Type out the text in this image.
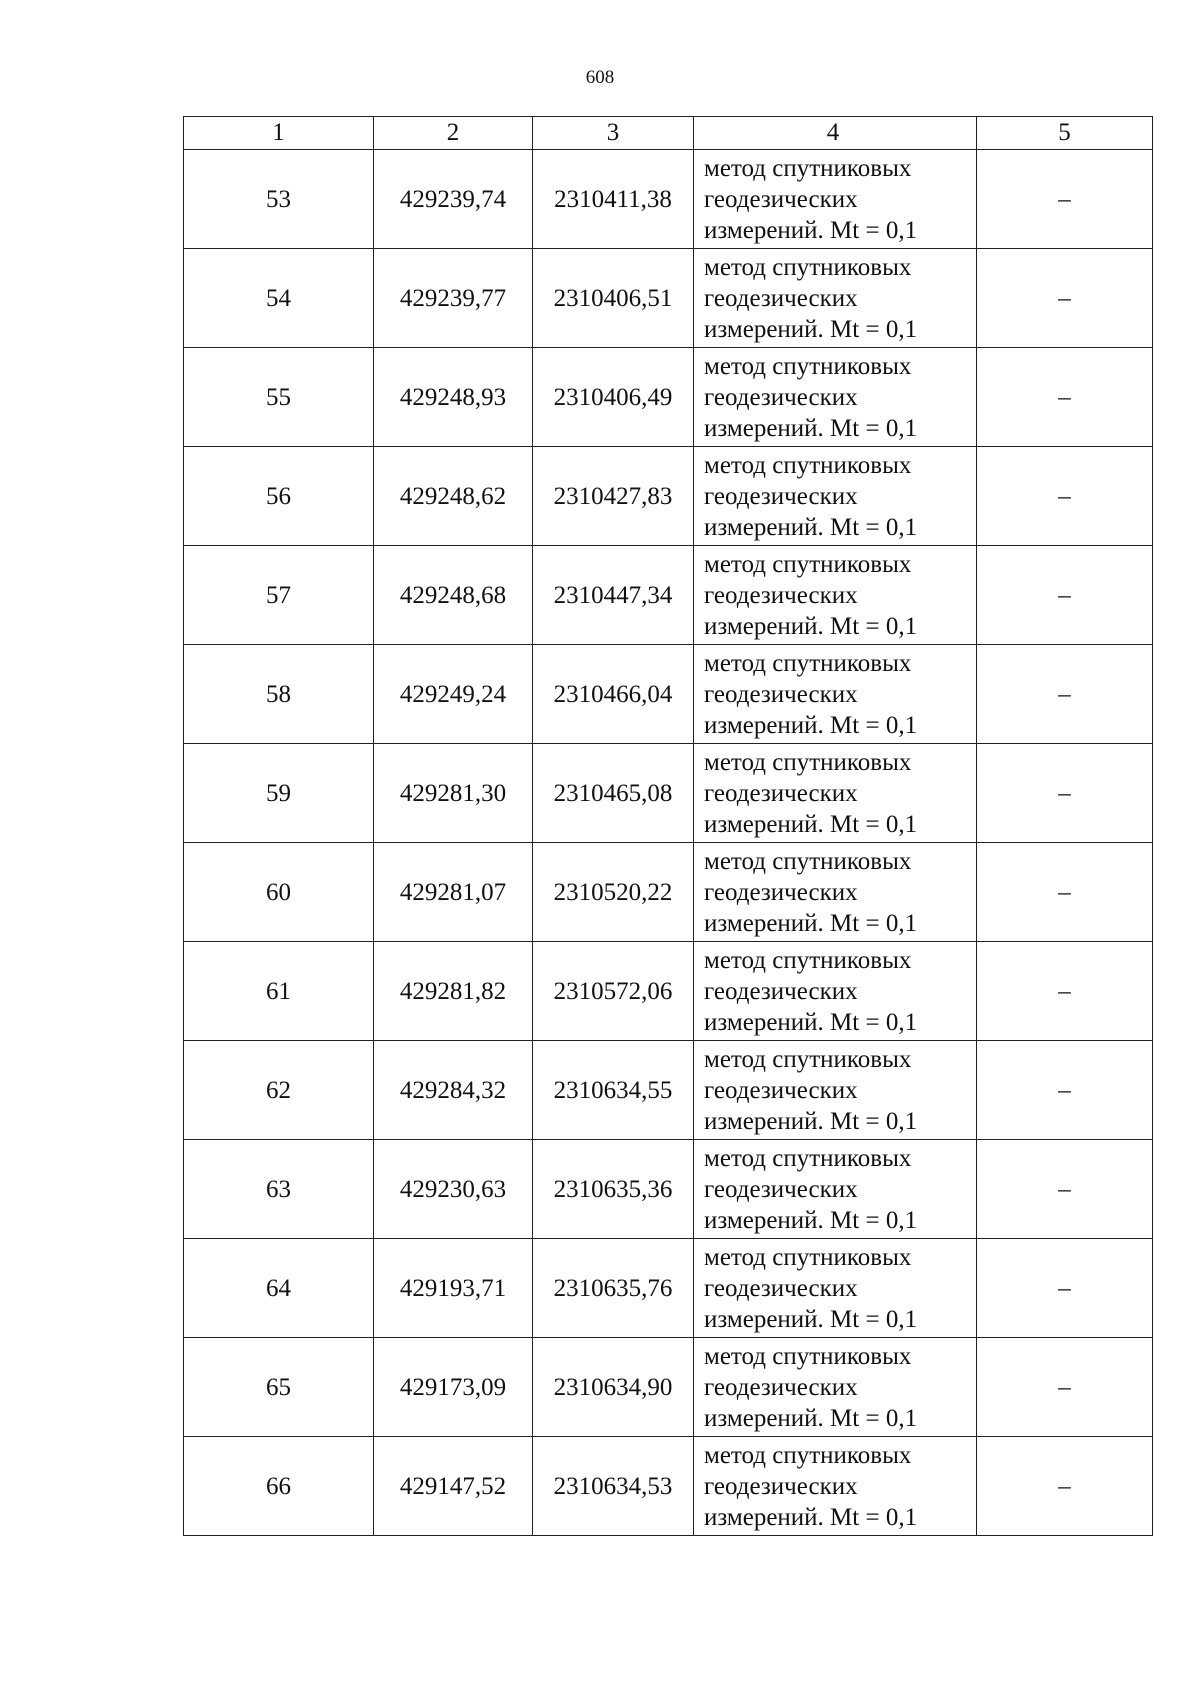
608
1	2	3	4	5
53	429239,74	2310411,38	метод спутниковых
геодезических
измерений. Mt = 0,1	–
54	429239,77	2310406,51	метод спутниковых
геодезических
измерений. Mt = 0,1	–
55	429248,93	2310406,49	метод спутниковых
геодезических
измерений. Mt = 0,1	–
56	429248,62	2310427,83	метод спутниковых
геодезических
измерений. Mt = 0,1	–
57	429248,68	2310447,34	метод спутниковых
геодезических
измерений. Mt = 0,1	–
58	429249,24	2310466,04	метод спутниковых
геодезических
измерений. Mt = 0,1	–
59	429281,30	2310465,08	метод спутниковых
геодезических
измерений. Mt = 0,1	–
60	429281,07	2310520,22	метод спутниковых
геодезических
измерений. Mt = 0,1	–
61	429281,82	2310572,06	метод спутниковых
геодезических
измерений. Mt = 0,1	–
62	429284,32	2310634,55	метод спутниковых
геодезических
измерений. Mt = 0,1	–
63	429230,63	2310635,36	метод спутниковых
геодезических
измерений. Mt = 0,1	–
64	429193,71	2310635,76	метод спутниковых
геодезических
измерений. Mt = 0,1	–
65	429173,09	2310634,90	метод спутниковых
геодезических
измерений. Mt = 0,1	–
66	429147,52	2310634,53	метод спутниковых
геодезических
измерений. Mt = 0,1	–
